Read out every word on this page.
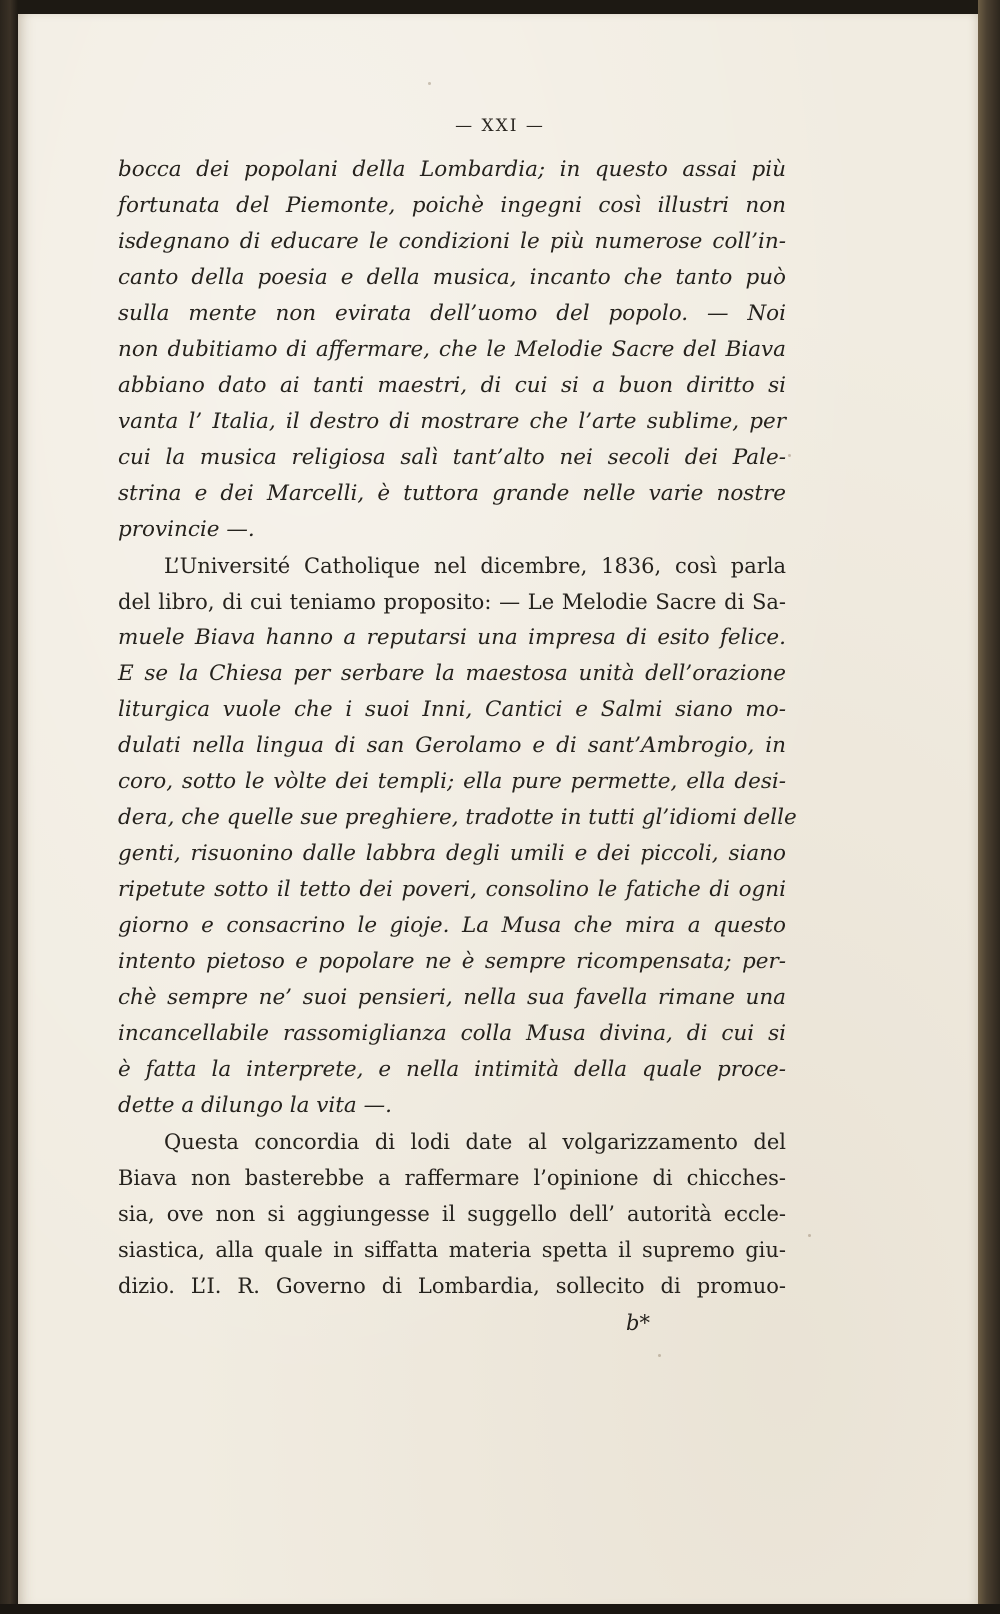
— XXI —
bocca dei popolani della Lombardia; in questo assai più
fortunata del Piemonte, poichè ingegni così illustri non
isdegnano di educare le condizioni le più numerose coll’in-
canto della poesia e della musica, incanto che tanto può
sulla mente non evirata dell’uomo del popolo. — Noi
non dubitiamo di affermare, che le Melodie Sacre del Biava
abbiano dato ai tanti maestri, di cui si a buon diritto si
vanta l’ Italia, il destro di mostrare che l’arte sublime, per
cui la musica religiosa salì tant’alto nei secoli dei Pale-
strina e dei Marcelli, è tuttora grande nelle varie nostre
provincie —.
L’Université Catholique nel dicembre, 1836, così parla
del libro, di cui teniamo proposito: — Le Melodie Sacre di Sa-
muele Biava hanno a reputarsi una impresa di esito felice.
E se la Chiesa per serbare la maestosa unità dell’orazione
liturgica vuole che i suoi Inni, Cantici e Salmi siano mo-
dulati nella lingua di san Gerolamo e di sant’Ambrogio, in
coro, sotto le vòlte dei templi; ella pure permette, ella desi-
dera, che quelle sue preghiere, tradotte in tutti gl’idiomi delle
genti, risuonino dalle labbra degli umili e dei piccoli, siano
ripetute sotto il tetto dei poveri, consolino le fatiche di ogni
giorno e consacrino le gioje. La Musa che mira a questo
intento pietoso e popolare ne è sempre ricompensata; per-
chè sempre ne’ suoi pensieri, nella sua favella rimane una
incancellabile rassomiglianza colla Musa divina, di cui si
è fatta la interprete, e nella intimità della quale proce-
dette a dilungo la vita —.
Questa concordia di lodi date al volgarizzamento del
Biava non basterebbe a raffermare l’opinione di chicches-
sia, ove non si aggiungesse il suggello dell’ autorità eccle-
siastica, alla quale in siffatta materia spetta il supremo giu-
dizio. L’I. R. Governo di Lombardia, sollecito di promuo-
b*
